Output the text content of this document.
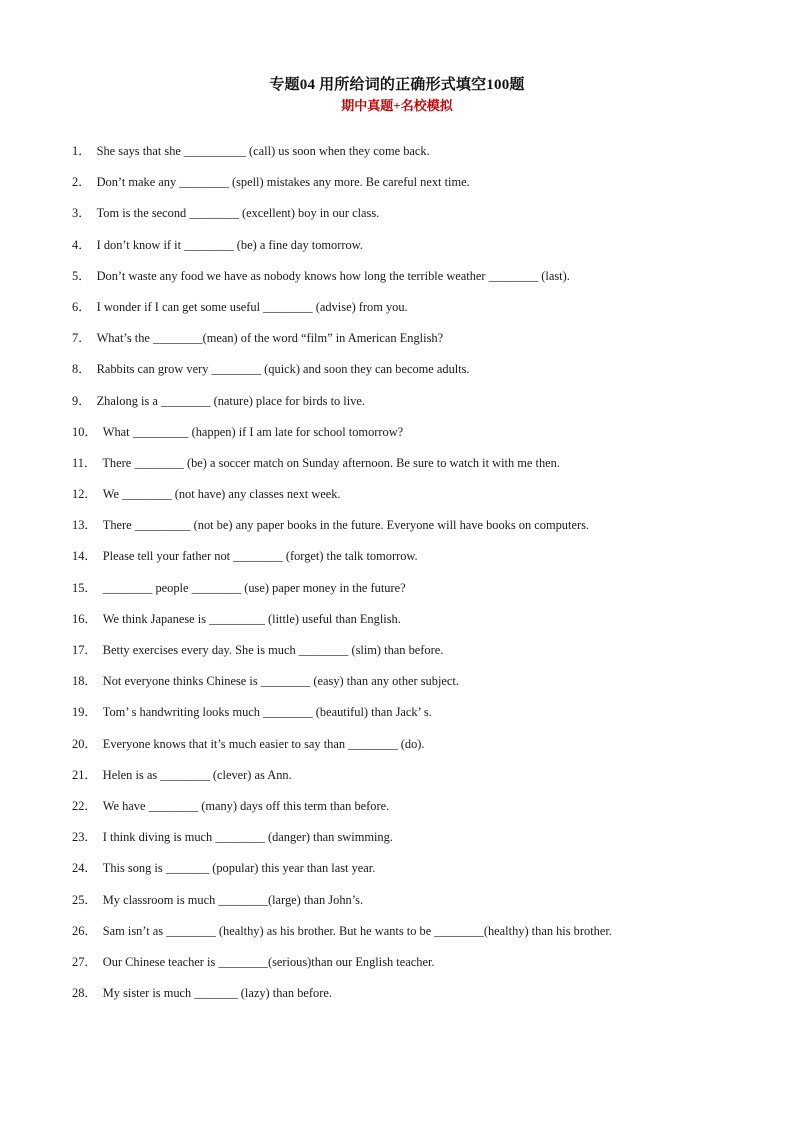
专题04 用所给词的正确形式填空100题
期中真题+名校模拟
1． She says that she __________ (call) us soon when they come back.
2． Don’t make any ________ (spell) mistakes any more. Be careful next time.
3． Tom is the second ________ (excellent) boy in our class.
4． I don’t know if it ________ (be) a fine day tomorrow.
5． Don’t waste any food we have as nobody knows how long the terrible weather ________ (last).
6． I wonder if I can get some useful ________ (advise) from you.
7． What’s the ________(mean) of the word “film” in American English?
8． Rabbits can grow very ________ (quick) and soon they can become adults.
9． Zhalong is a ________ (nature) place for birds to live.
10． What _________ (happen) if I am late for school tomorrow?
11． There ________ (be) a soccer match on Sunday afternoon. Be sure to watch it with me then.
12． We ________ (not have) any classes next week.
13． There _________ (not be) any paper books in the future. Everyone will have books on computers.
14． Please tell your father not ________ (forget) the talk tomorrow.
15． ________ people ________ (use) paper money in the future?
16． We think Japanese is _________ (little) useful than English.
17． Betty exercises every day. She is much ________ (slim) than before.
18． Not everyone thinks Chinese is ________ (easy) than any other subject.
19． Tom’ s handwriting looks much ________ (beautiful) than Jack’ s.
20． Everyone knows that it’s much easier to say than ________ (do).
21． Helen is as ________ (clever) as Ann.
22． We have ________ (many) days off this term than before.
23． I think diving is much ________ (danger) than swimming.
24． This song is _______ (popular) this year than last year.
25． My classroom is much ________(large) than John’s.
26． Sam isn’t as ________ (healthy) as his brother. But he wants to be ________(healthy) than his brother.
27． Our Chinese teacher is ________(serious)than our English teacher.
28． My sister is much _______ (lazy) than before.
